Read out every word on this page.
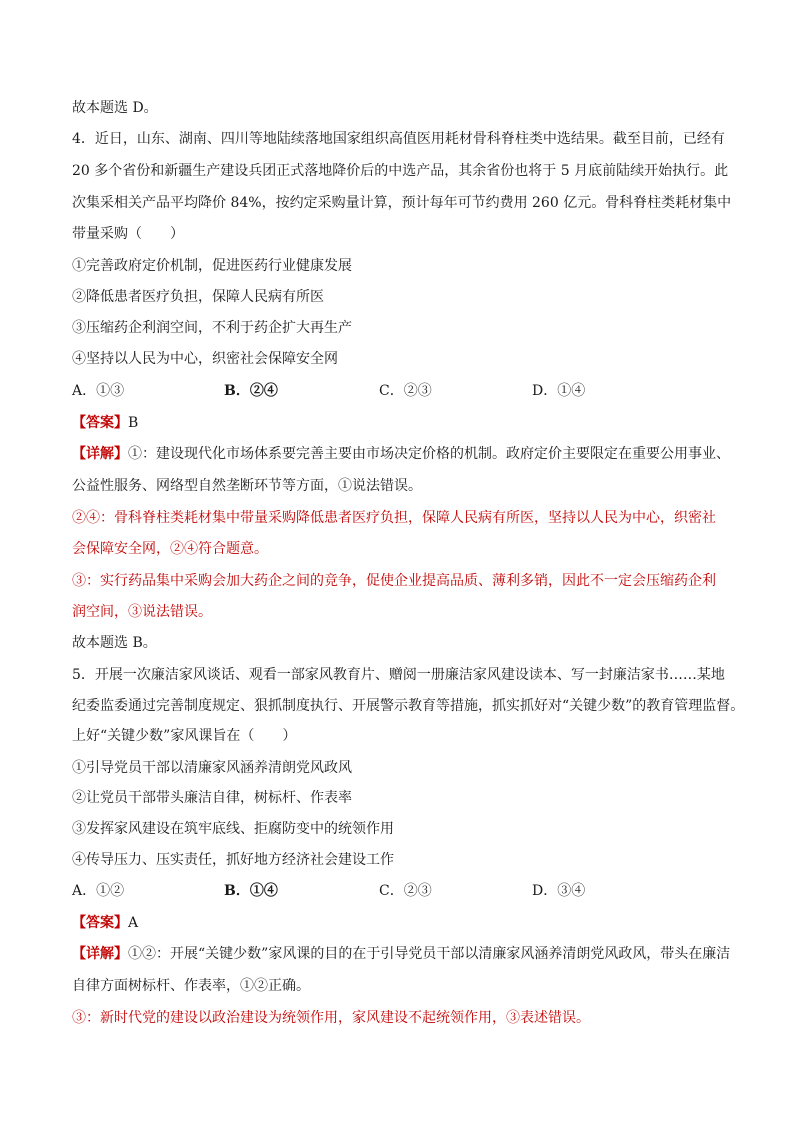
故本题选 D。

4．近日，山东、湖南、四川等地陆续落地国家组织高值医用耗材骨科脊柱类中选结果。截至目前，已经有

20 多个省份和新疆生产建设兵团正式落地降价后的中选产品，其余省份也将于 5 月底前陆续开始执行。此

次集采相关产品平均降价 84%，按约定采购量计算，预计每年可节约费用 260 亿元。骨科脊柱类耗材集中

带量采购（　　）

①完善政府定价机制，促进医药行业健康发展

②降低患者医疗负担，保障人民病有所医

③压缩药企利润空间，不利于药企扩大再生产

④坚持以人民为中心，织密社会保障安全网

A．①③	B．②④	C．②③	D．①④

【答案】B

【详解】①：建设现代化市场体系要完善主要由市场决定价格的机制。政府定价主要限定在重要公用事业、

公益性服务、网络型自然垄断环节等方面，①说法错误。

②④：骨科脊柱类耗材集中带量采购降低患者医疗负担，保障人民病有所医，坚持以人民为中心，织密社

会保障安全网，②④符合题意。

③：实行药品集中采购会加大药企之间的竞争，促使企业提高品质、薄利多销，因此不一定会压缩药企利

润空间，③说法错误。

故本题选 B。

5．开展一次廉洁家风谈话、观看一部家风教育片、赠阅一册廉洁家风建设读本、写一封廉洁家书……某地

纪委监委通过完善制度规定、狠抓制度执行、开展警示教育等措施，抓实抓好对“关键少数”的教育管理监督。

上好“关键少数”家风课旨在（　　）

①引导党员干部以清廉家风涵养清朗党风政风

②让党员干部带头廉洁自律，树标杆、作表率

③发挥家风建设在筑牢底线、拒腐防变中的统领作用

④传导压力、压实责任，抓好地方经济社会建设工作

A．①②	B．①④	C．②③	D．③④

【答案】A

【详解】①②：开展“关键少数”家风课的目的在于引导党员干部以清廉家风涵养清朗党风政风，带头在廉洁

自律方面树标杆、作表率，①②正确。

③：新时代党的建设以政治建设为统领作用，家风建设不起统领作用，③表述错误。
